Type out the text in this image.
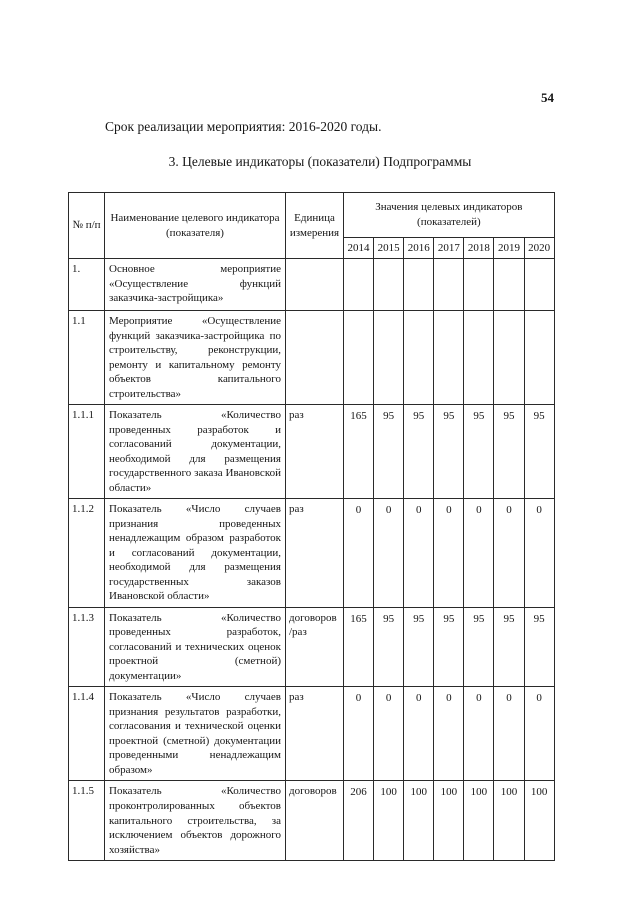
54
Срок реализации мероприятия: 2016-2020 годы.
3. Целевые индикаторы (показатели) Подпрограммы
№ п/п	Наименование целевого индикатора (показателя)	Единица измерения	Значения целевых индикаторов (показателей)						
			2014	2015	2016	2017	2018	2019	2020
1.	Основное мероприятие «Осуществление функций заказчика-застройщика»								
1.1	Мероприятие «Осуществление функций заказчика-застройщика по строительству, реконструкции, ремонту и капитальному ремонту объектов капитального строительства»								
1.1.1	Показатель «Количество проведенных разработок и согласований документации, необходимой для размещения государственного заказа Ивановской области»	раз	165	95	95	95	95	95	95
1.1.2	Показатель «Число случаев признания проведенных ненадлежащим образом разработок и согласований документации, необходимой для размещения государственных заказов Ивановской области»	раз	0	0	0	0	0	0	0
1.1.3	Показатель «Количество проведенных разработок, согласований и технических оценок проектной (сметной) документации»	договоров /раз	165	95	95	95	95	95	95
1.1.4	Показатель «Число случаев признания результатов разработки, согласования и технической оценки проектной (сметной) документации проведенными ненадлежащим образом»	раз	0	0	0	0	0	0	0
1.1.5	Показатель «Количество проконтролированных объектов капитального строительства, за исключением объектов дорожного хозяйства»	договоров	206	100	100	100	100	100	100
